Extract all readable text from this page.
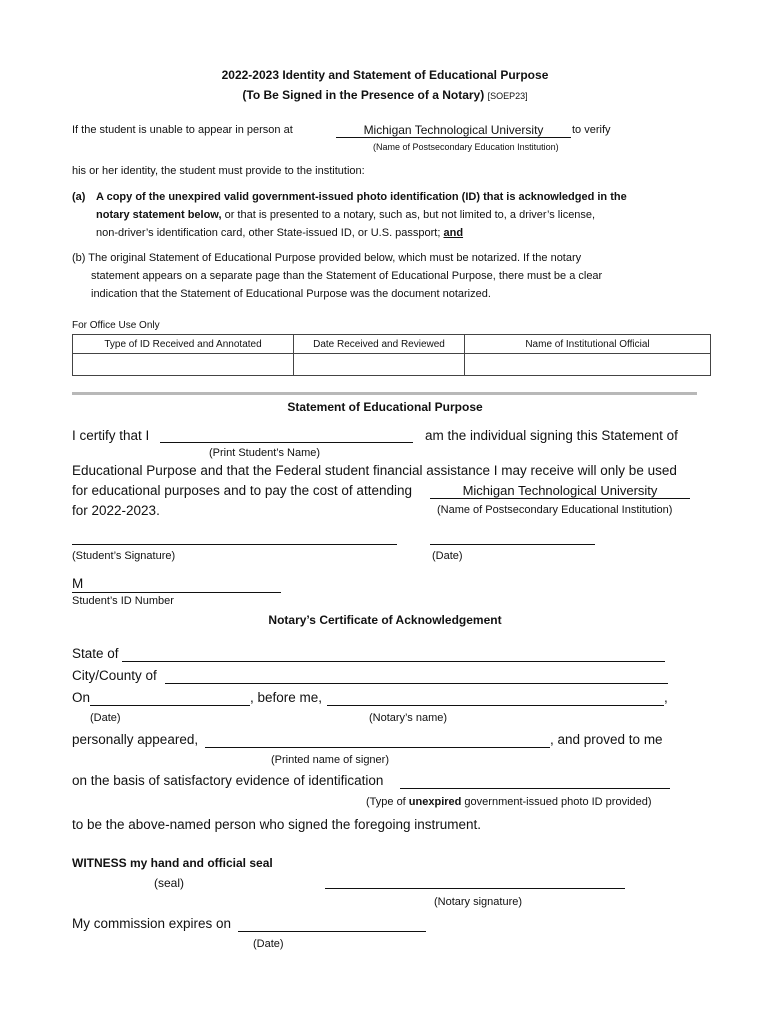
2022-2023 Identity and Statement of Educational Purpose
(To Be Signed in the Presence of a Notary) [SOEP23]
If the student is unable to appear in person at	Michigan Technological University	to verify
(Name of Postsecondary Education Institution)
his or her identity, the student must provide to the institution:
(a) A copy of the unexpired valid government-issued photo identification (ID) that is acknowledged in the
notary statement below, or that is presented to a notary, such as, but not limited to, a driver’s license,
non-driver’s identification card, other State-issued ID, or U.S. passport; and
(b) The original Statement of Educational Purpose provided below, which must be notarized. If the notary
statement appears on a separate page than the Statement of Educational Purpose, there must be a clear
indication that the Statement of Educational Purpose was the document notarized.
For Office Use Only
Type of ID Received and Annotated	Date Received and Reviewed	Name of Institutional Official

Statement of Educational Purpose
I certify that I	am the individual signing this Statement of
(Print Student’s Name)
Educational Purpose and that the Federal student financial assistance I may receive will only be used
for educational purposes and to pay the cost of attending	Michigan Technological University
for 2022-2023.	(Name of Postsecondary Educational Institution)
(Student’s Signature)	(Date)
M
Student’s ID Number
Notary’s Certificate of Acknowledgement
State of
City/County of
On	, before me,	,
(Date)	(Notary’s name)
personally appeared,	, and proved to me
(Printed name of signer)
on the basis of satisfactory evidence of identification
(Type of unexpired government-issued photo ID provided)
to be the above-named person who signed the foregoing instrument.
WITNESS my hand and official seal
(seal)
(Notary signature)
My commission expires on
(Date)
